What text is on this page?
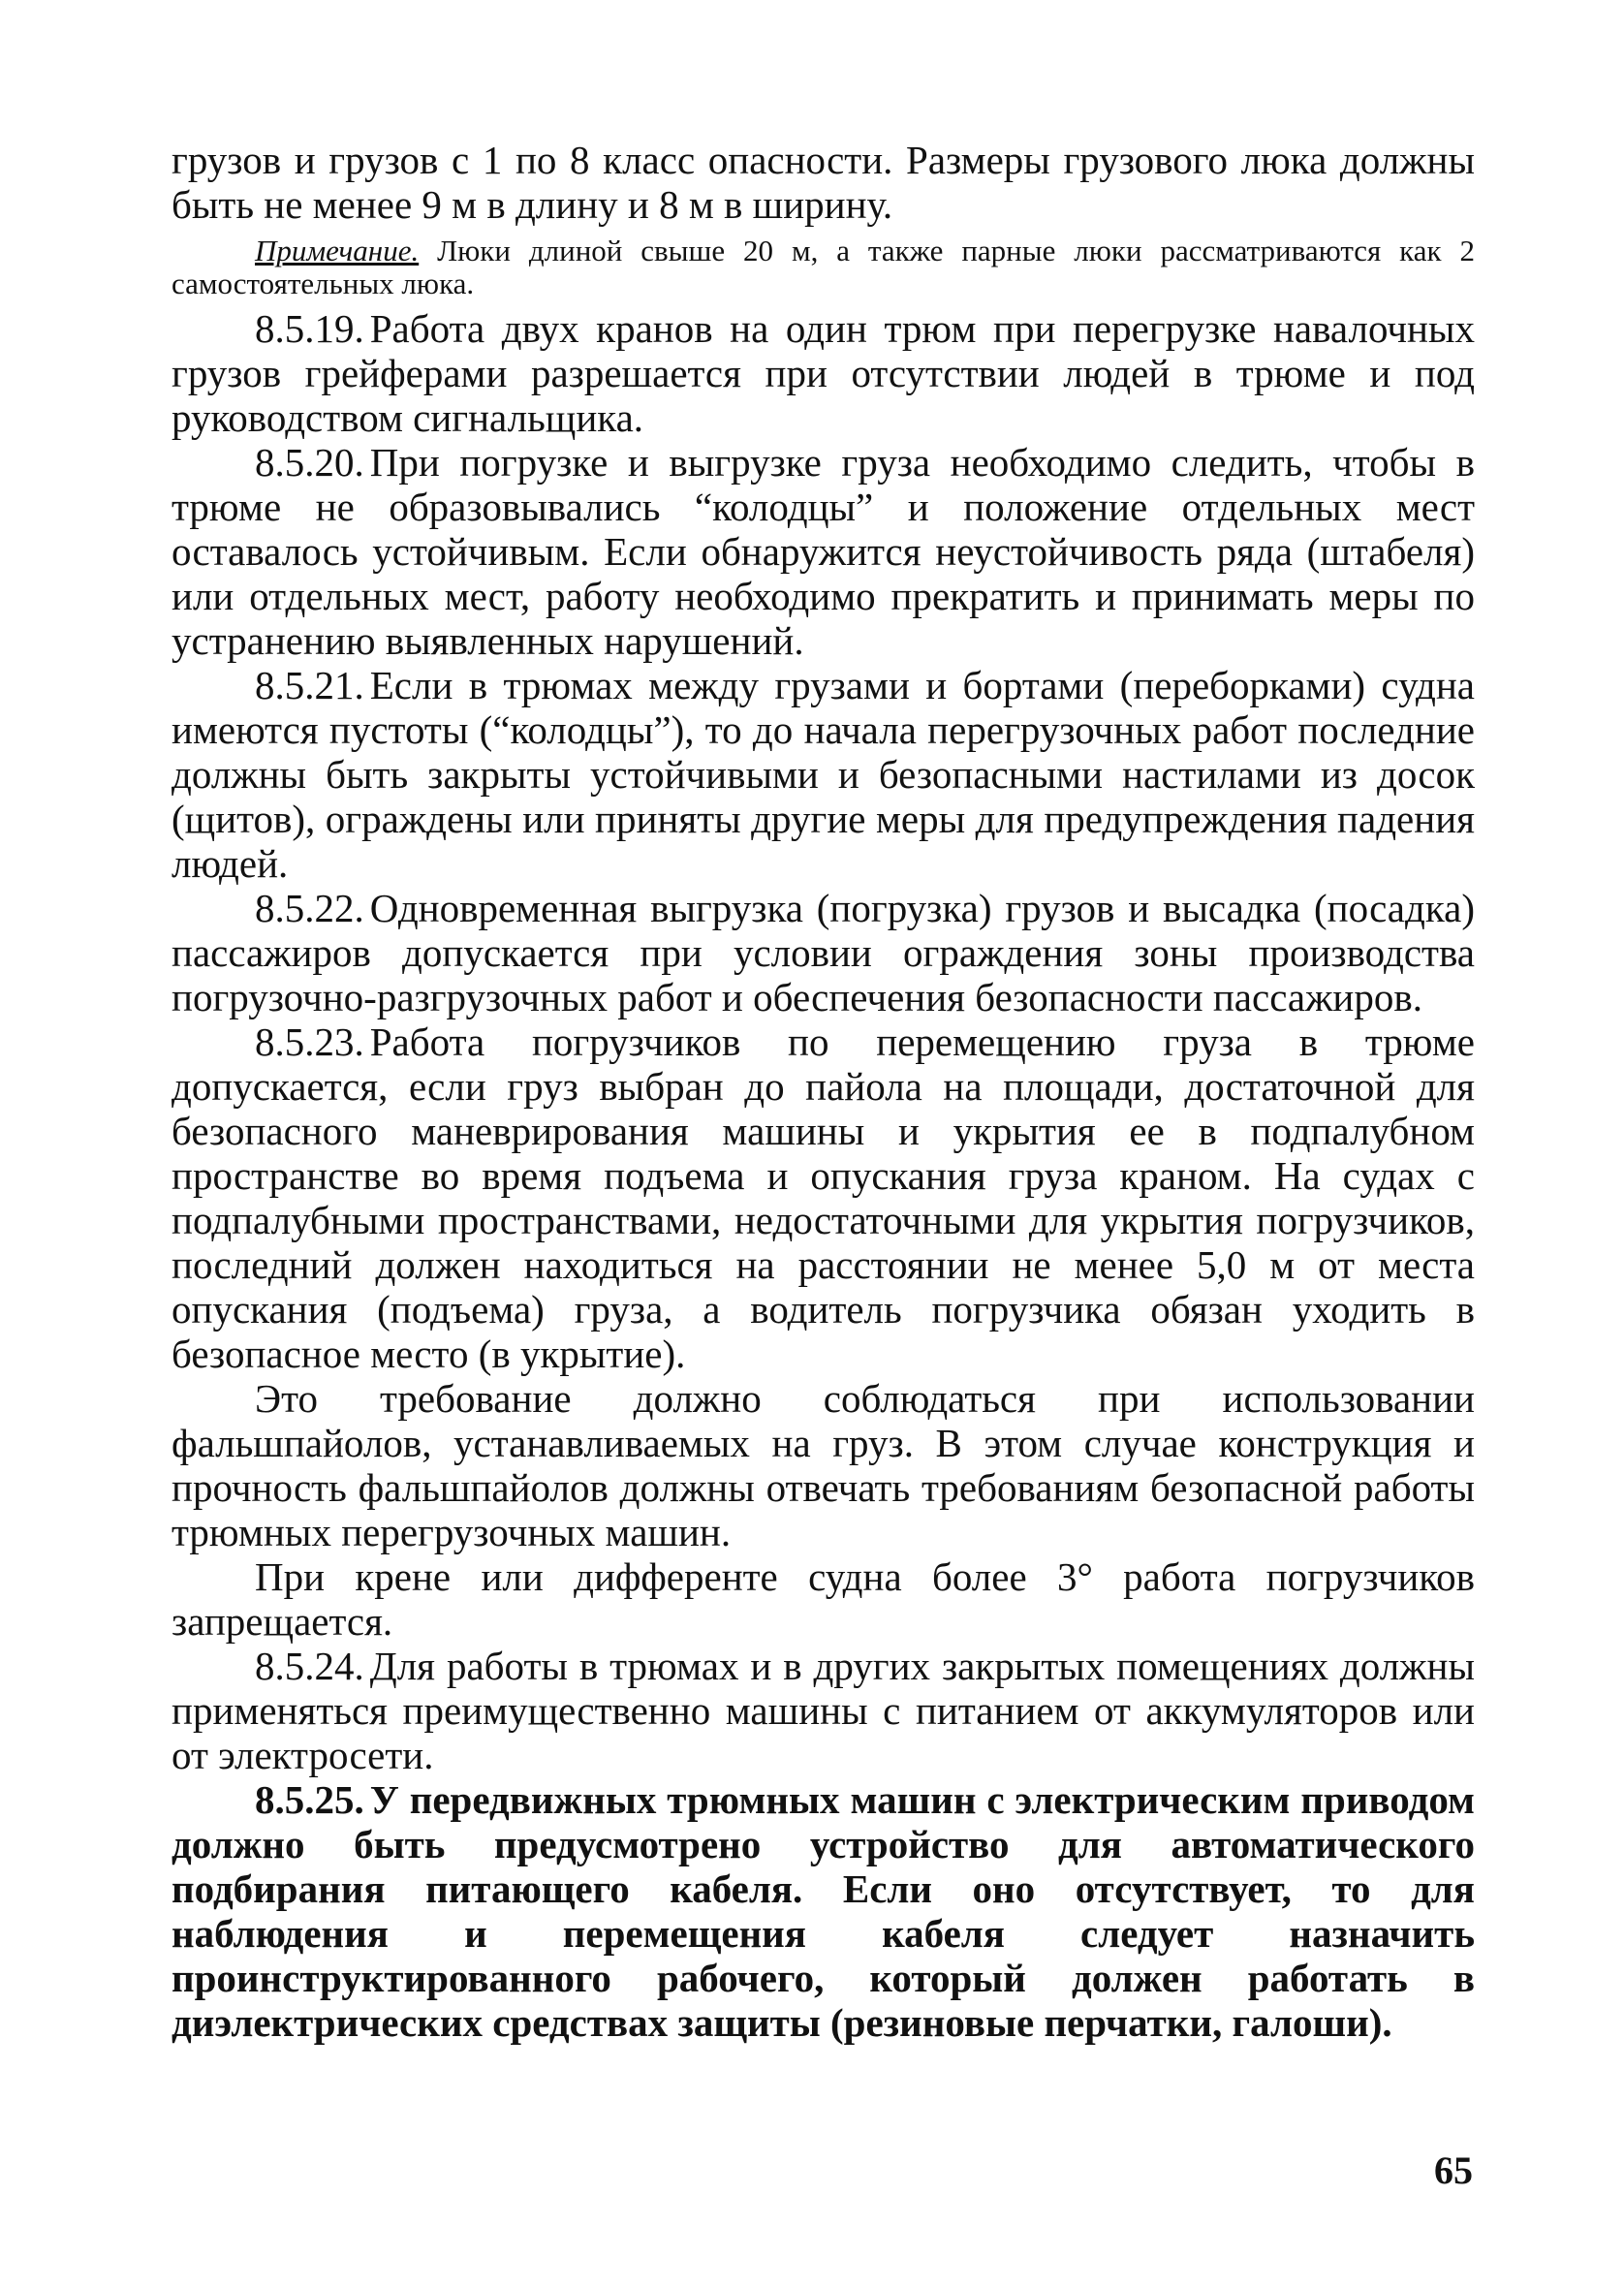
грузов и грузов с 1 по 8 класс опасности. Размеры грузового люка должны быть не менее 9 м в длину и 8 м в ширину.

Примечание. Люки длиной свыше 20 м, а также парные люки рассматриваются как 2 самостоятельных люка.

8.5.19. Работа двух кранов на один трюм при перегрузке навалочных грузов грейферами разрешается при отсутствии людей в трюме и под руководством сигнальщика.

8.5.20. При погрузке и выгрузке груза необходимо следить, чтобы в трюме не образовывались “колодцы” и положение отдельных мест оставалось устойчивым. Если обнаружится неустойчивость ряда (штабеля) или отдельных мест, работу необходимо прекратить и принимать меры по устранению выявленных нарушений.

8.5.21. Если в трюмах между грузами и бортами (переборками) судна имеются пустоты (“колодцы”), то до начала перегрузочных работ последние должны быть закрыты устойчивыми и безопасными настилами из досок (щитов), ограждены или приняты другие меры для предупреждения падения людей.

8.5.22. Одновременная выгрузка (погрузка) грузов и высадка (посадка) пассажиров допускается при условии ограждения зоны производства погрузочно-разгрузочных работ и обеспечения безопасности пассажиров.

8.5.23. Работа погрузчиков по перемещению груза в трюме допускается, если груз выбран до пайола на площади, достаточной для безопасного маневрирования машины и укрытия ее в подпалубном пространстве во время подъема и опускания груза краном. На судах с подпалубными пространствами, недостаточными для укрытия погрузчиков, последний должен находиться на расстоянии не менее 5,0 м от места опускания (подъема) груза, а водитель погрузчика обязан уходить в безопасное место (в укрытие).

Это требование должно соблюдаться при использовании фальшпайолов, устанавливаемых на груз. В этом случае конструкция и прочность фальшпайолов должны отвечать требованиям безопасной работы трюмных перегрузочных машин.

При крене или дифференте судна более 3° работа погрузчиков запрещается.

8.5.24. Для работы в трюмах и в других закрытых помещениях должны применяться преимущественно машины с питанием от аккумуляторов или от электросети.

8.5.25. У передвижных трюмных машин с электрическим приводом должно быть предусмотрено устройство для автоматического подбирания питающего кабеля. Если оно отсутствует, то для наблюдения и перемещения кабеля следует назначить проинструктированного рабочего, который должен работать в диэлектрических средствах защиты (резиновые перчатки, галоши).

65
